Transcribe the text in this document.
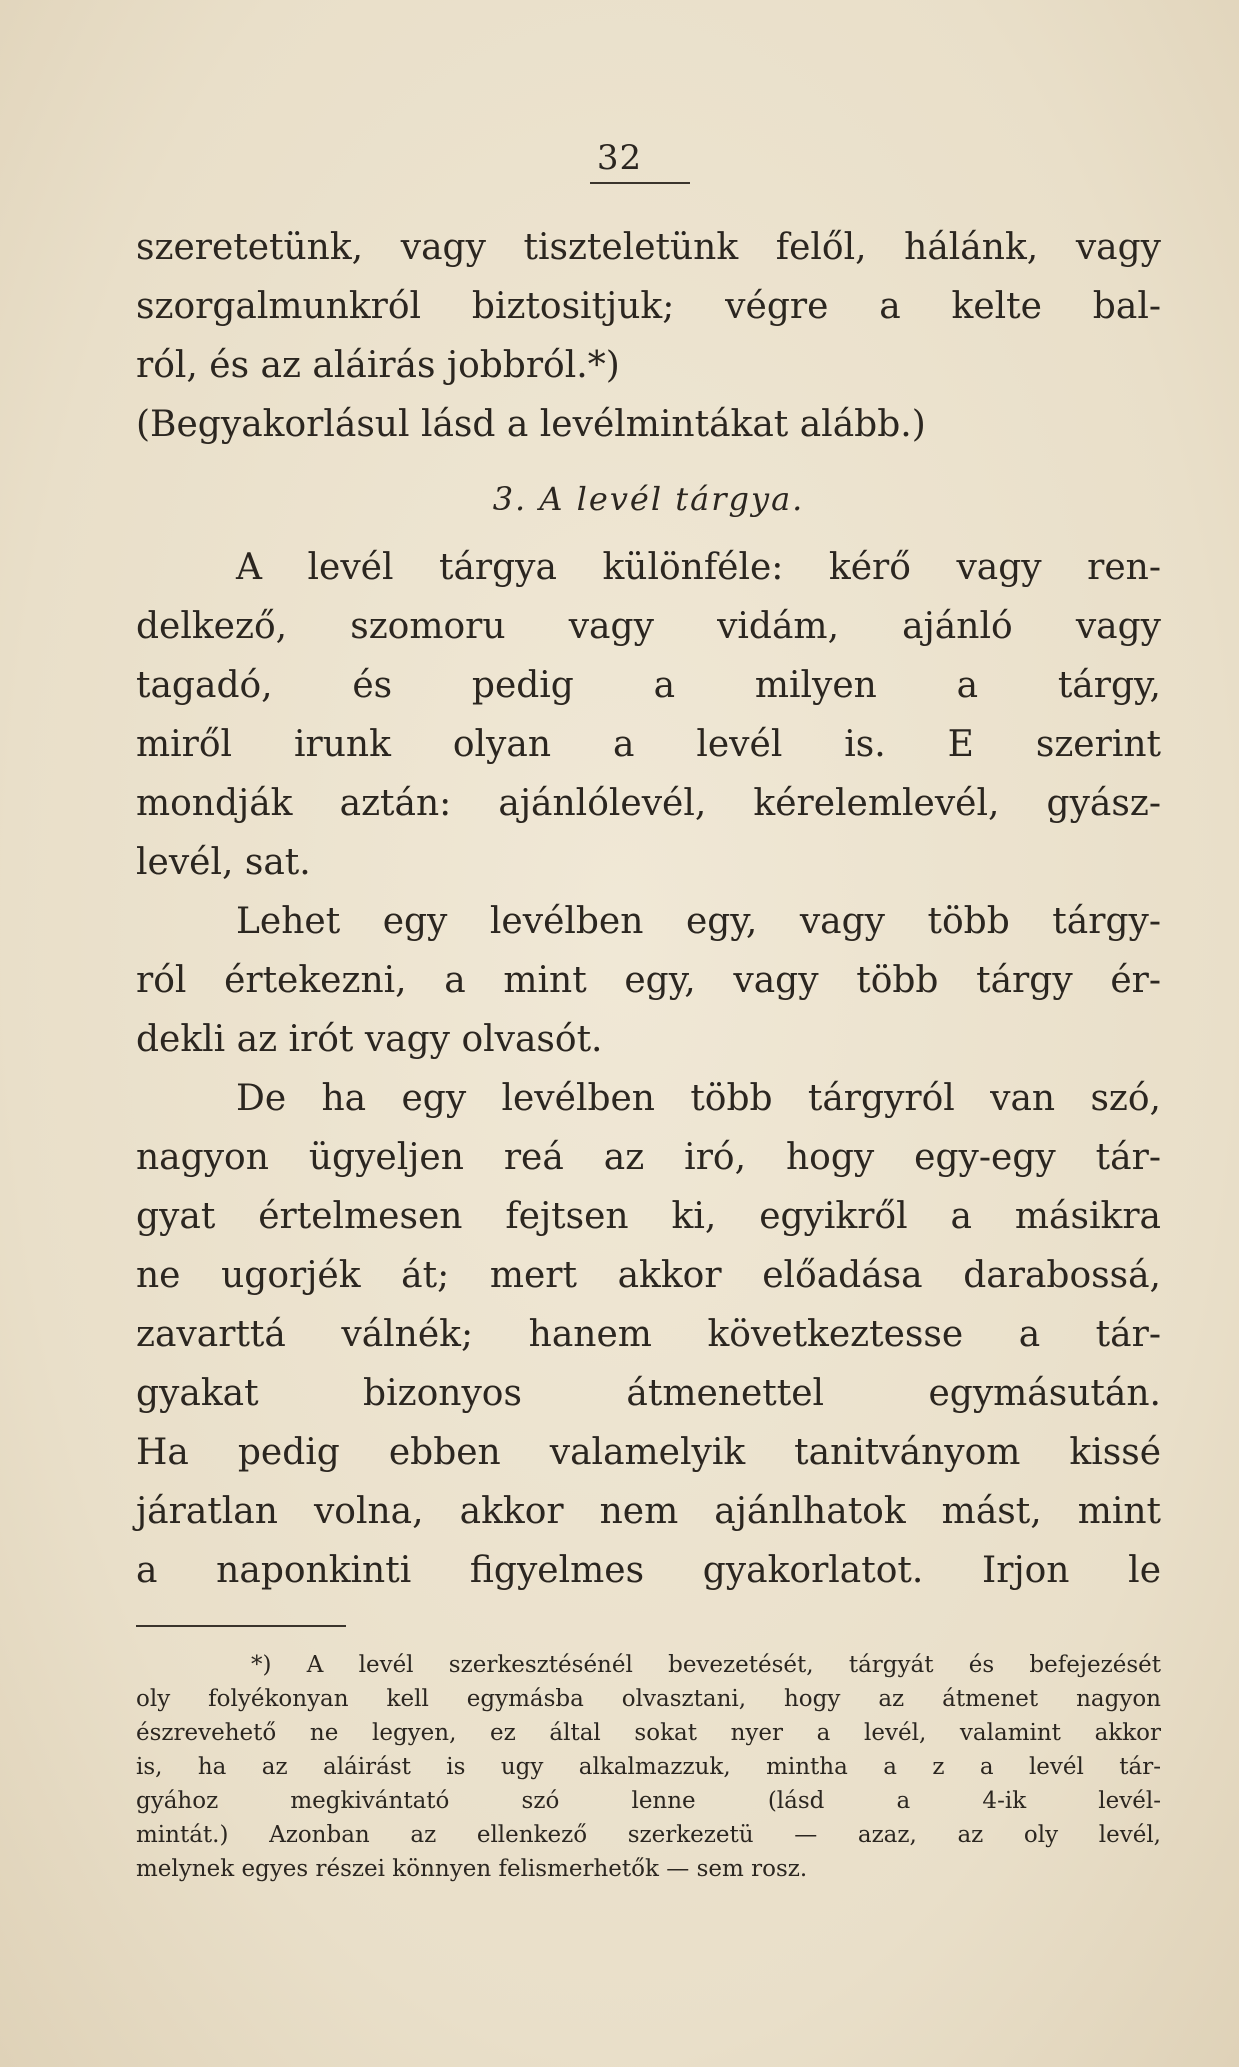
32
szeretetünk, vagy tiszteletünk felől, hálánk, vagy
szorgalmunkról biztositjuk; végre a kelte bal-
ról, és az aláirás jobbról.*)
(Begyakorlásul lásd a levélmintákat alább.)
3. A levél tárgya.
A levél tárgya különféle: kérő vagy ren-
delkező, szomoru vagy vidám, ajánló vagy
tagadó, és pedig a milyen a tárgy,
miről irunk olyan a levél is. E szerint
mondják aztán: ajánlólevél, kérelemlevél, gyász-
levél, sat.
Lehet egy levélben egy, vagy több tárgy-
ról értekezni, a mint egy, vagy több tárgy ér-
dekli az irót vagy olvasót.
De ha egy levélben több tárgyról van szó,
nagyon ügyeljen reá az iró, hogy egy-egy tár-
gyat értelmesen fejtsen ki, egyikről a másikra
ne ugorjék át; mert akkor előadása darabossá,
zavarttá válnék; hanem következtesse a tár-
gyakat bizonyos átmenettel egymásután.
Ha pedig ebben valamelyik tanitványom kissé
járatlan volna, akkor nem ajánlhatok mást, mint
a naponkinti figyelmes gyakorlatot. Irjon le
*) A levél szerkesztésénél bevezetését, tárgyát és befejezését
oly folyékonyan kell egymásba olvasztani, hogy az átmenet nagyon
észrevehető ne legyen, ez által sokat nyer a levél, valamint akkor
is, ha az aláirást is ugy alkalmazzuk, mintha a z a levél tár-
gyához megkivántató szó lenne (lásd a 4-ik levél-
mintát.) Azonban az ellenkező szerkezetü — azaz, az oly levél,
melynek egyes részei könnyen felismerhetők — sem rosz.
